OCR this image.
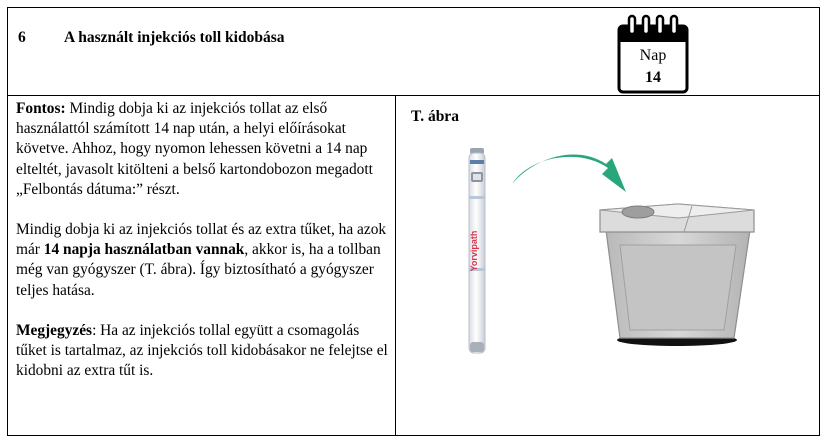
6 A használt injekciós toll kidobása
Nap
14

Fontos: Mindig dobja ki az injekciós tollat az első használattól számított 14 nap után, a helyi előírásokat követve. Ahhoz, hogy nyomon lehessen követni a 14 nap elteltét, javasolt kitölteni a belső kartondobozon megadott „Felbontás dátuma:” részt.

Mindig dobja ki az injekciós tollat és az extra tűket, ha azok már 14 napja használatban vannak, akkor is, ha a tollban még van gyógyszer (T. ábra). Így biztosítható a gyógyszer teljes hatása.

Megjegyzés: Ha az injekciós tollal együtt a csomagolás tűket is tartalmaz, az injekciós toll kidobásakor ne felejtse el kidobni az extra tűt is.

T. ábra
Yorvipath
